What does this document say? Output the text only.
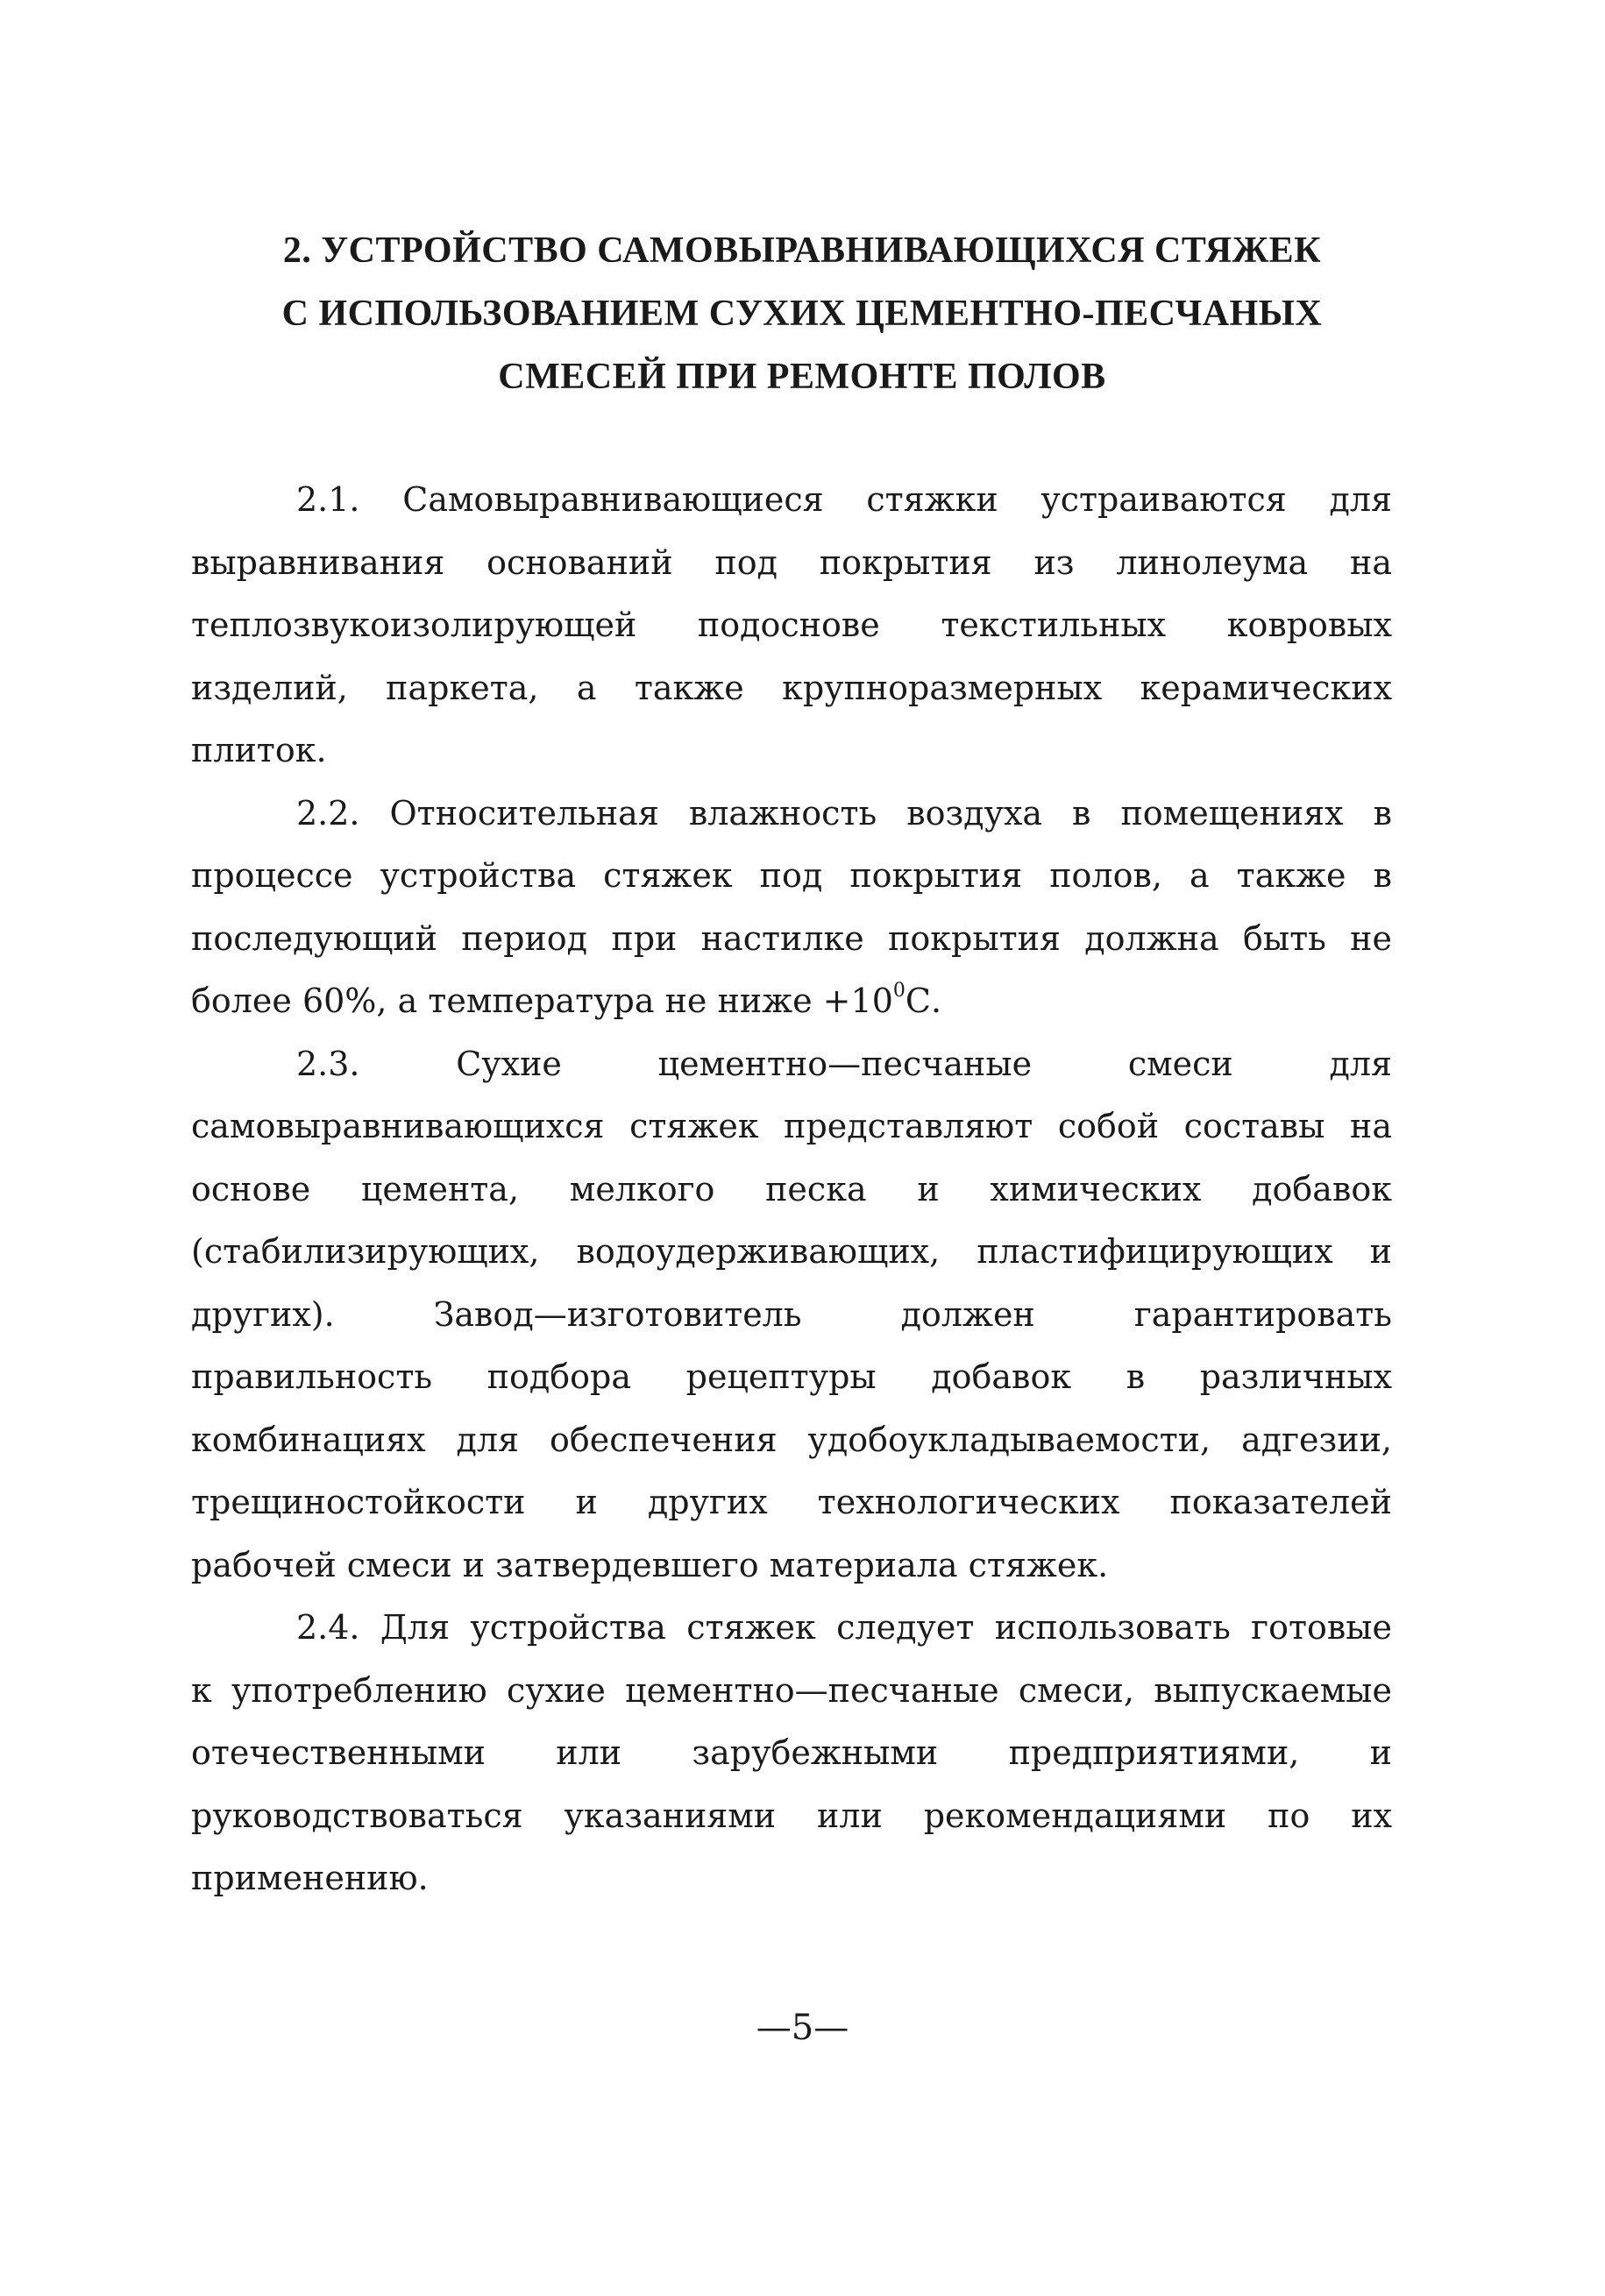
2. УСТРОЙСТВО САМОВЫРАВНИВАЮЩИХСЯ СТЯЖЕК
С ИСПОЛЬЗОВАНИЕМ СУХИХ ЦЕМЕНТНО-ПЕСЧАНЫХ
СМЕСЕЙ ПРИ РЕМОНТЕ ПОЛОВ
2.1. Самовыравнивающиеся стяжки устраиваются для
выравнивания оснований под покрытия из линолеума на
теплозвукоизолирующей подоснове текстильных ковровых
изделий, паркета, а также крупноразмерных керамических
плиток.
2.2. Относительная влажность воздуха в помещениях в
процессе устройства стяжек под покрытия полов, а также в
последующий период при настилке покрытия должна быть не
более 60%, а температура не ниже $+10^0С$.
2.3. Сухие цементно—песчаные смеси для
самовыравнивающихся стяжек представляют собой составы на
основе цемента, мелкого песка и химических добавок
(стабилизирующих, водоудерживающих, пластифицирующих и
других). Завод—изготовитель должен гарантировать
правильность подбора рецептуры добавок в различных
комбинациях для обеспечения удобоукладываемости, адгезии,
трещиностойкости и других технологических показателей
рабочей смеси и затвердевшего материала стяжек.
2.4. Для устройства стяжек следует использовать готовые
к употреблению сухие цементно—песчаные смеси, выпускаемые
отечественными или зарубежными предприятиями, и
руководствоваться указаниями или рекомендациями по их
применению.
—5—
